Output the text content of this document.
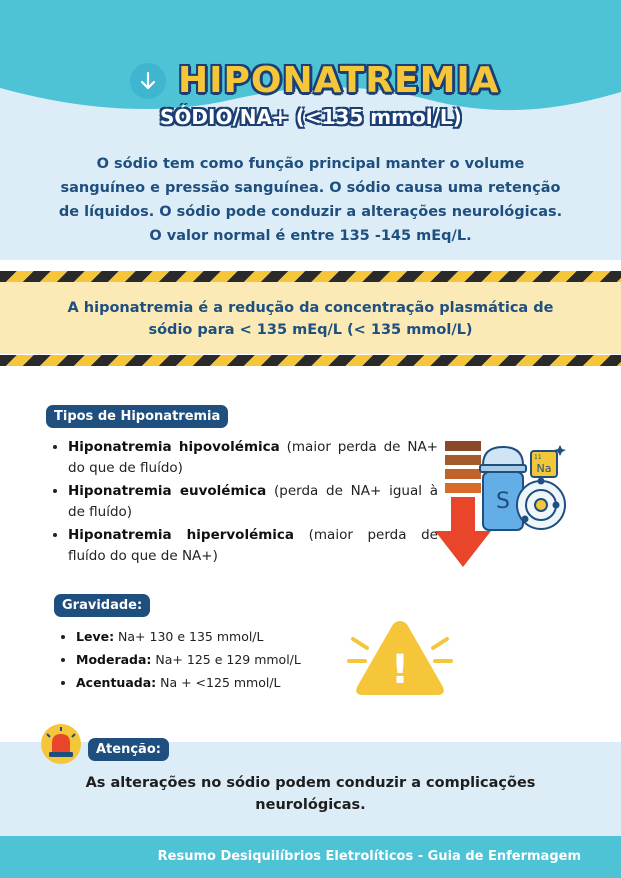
HIPONATREMIA
SÓDIO/NA+ (<135 mmol/L)
O sódio tem como função principal manter o volume
sanguíneo e pressão sanguínea. O sódio causa uma retenção
de líquidos. O sódio pode conduzir a alterações neurológicas.
O valor normal é entre 135 -145 mEq/L.
A hiponatremia é a redução da concentração plasmática de
sódio para < 135 mEq/L (< 135 mmol/L)
Tipos de Hiponatremia
• Hiponatremia hipovolémica (maior perda de NA+ do que de fluído)
• Hiponatremia euvolémica (perda de NA+ igual à de fluído)
• Hiponatremia hipervolémica (maior perda de fluído do que de NA+)
S
11
Na
Gravidade:
• Leve: Na+ 130 e 135 mmol/L
• Moderada: Na+ 125 e 129 mmol/L
• Acentuada: Na + <125 mmol/L	!
Atenção:
As alterações no sódio podem conduzir a complicações
neurológicas.
Resumo Desiquilíbrios Eletrolíticos - Guia de Enfermagem
